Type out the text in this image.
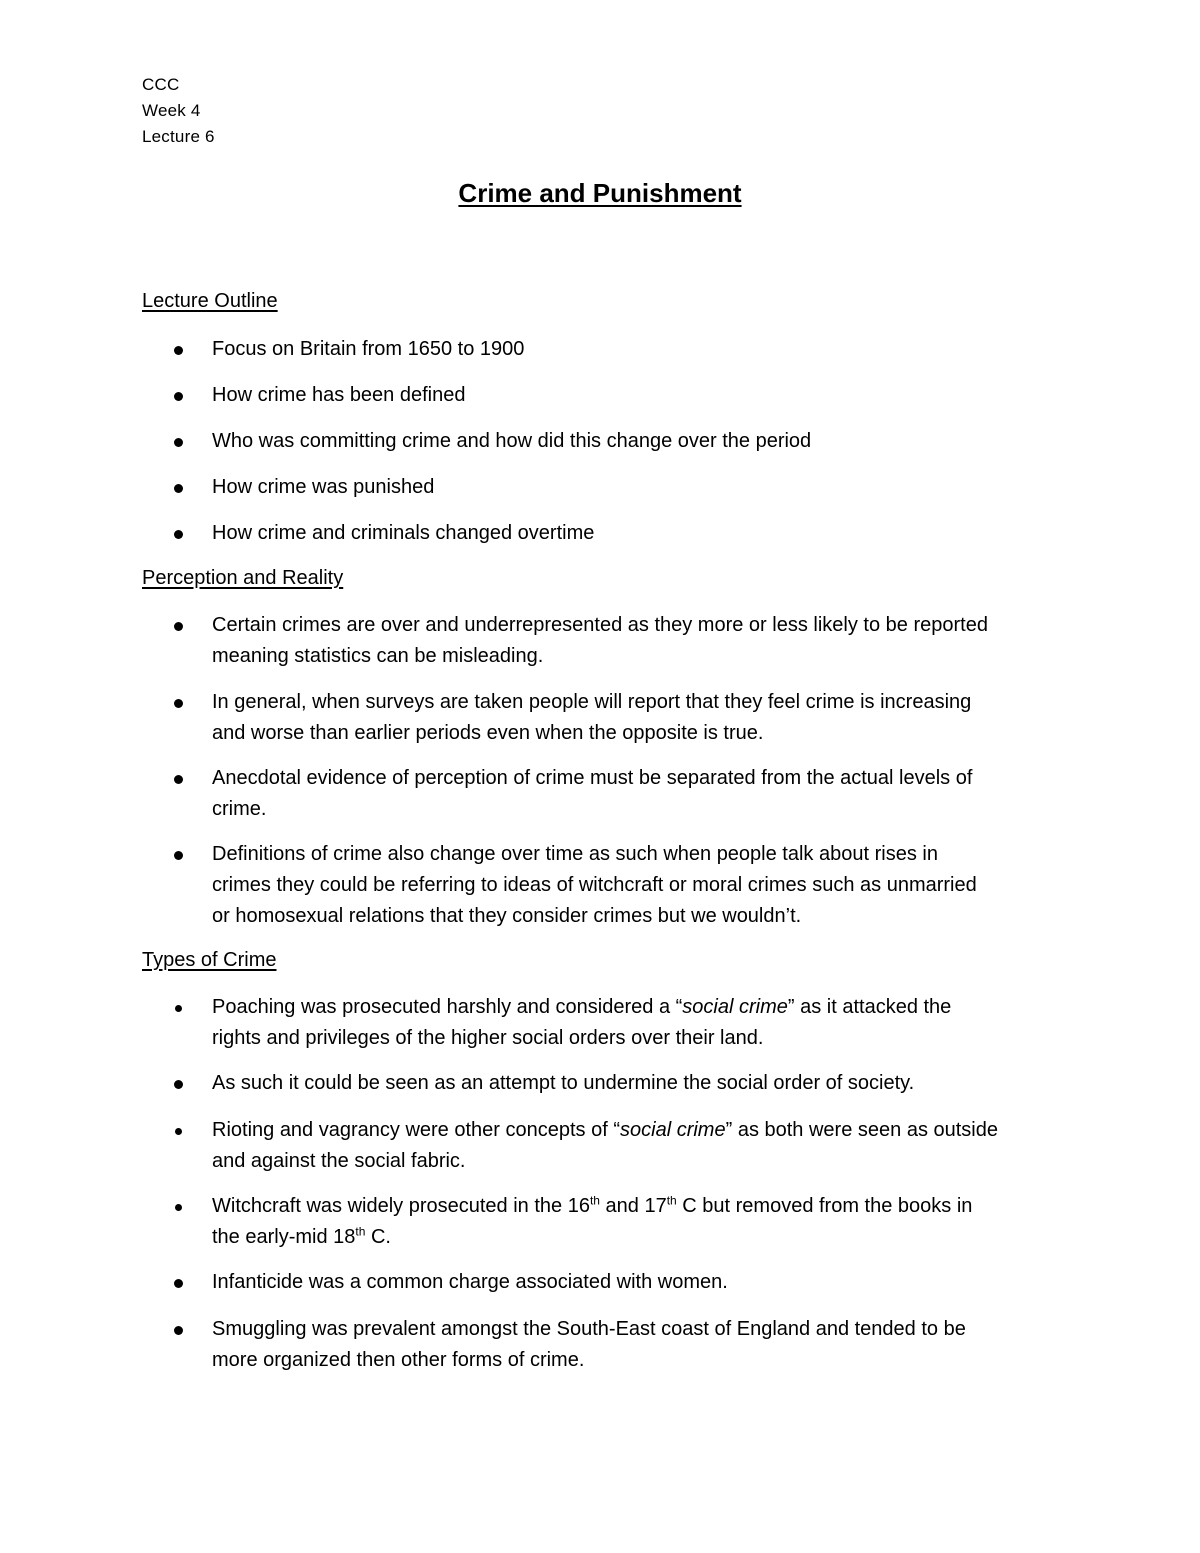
CCC
Week 4
Lecture 6
Crime and Punishment
Lecture Outline
Focus on Britain from 1650 to 1900
How crime has been defined
Who was committing crime and how did this change over the period
How crime was punished
How crime and criminals changed overtime
Perception and Reality
Certain crimes are over and underrepresented as they more or less likely to be reported
meaning statistics can be misleading.
In general, when surveys are taken people will report that they feel crime is increasing
and worse than earlier periods even when the opposite is true.
Anecdotal evidence of perception of crime must be separated from the actual levels of
crime.
Definitions of crime also change over time as such when people talk about rises in
crimes they could be referring to ideas of witchcraft or moral crimes such as unmarried
or homosexual relations that they consider crimes but we wouldn’t.
Types of Crime
Poaching was prosecuted harshly and considered a “social crime” as it attacked the
rights and privileges of the higher social orders over their land.
As such it could be seen as an attempt to undermine the social order of society.
Rioting and vagrancy were other concepts of “social crime” as both were seen as outside
and against the social fabric.
Witchcraft was widely prosecuted in the 16th and 17th C but removed from the books in
the early-mid 18th C.
Infanticide was a common charge associated with women.
Smuggling was prevalent amongst the South-East coast of England and tended to be
more organized then other forms of crime.
